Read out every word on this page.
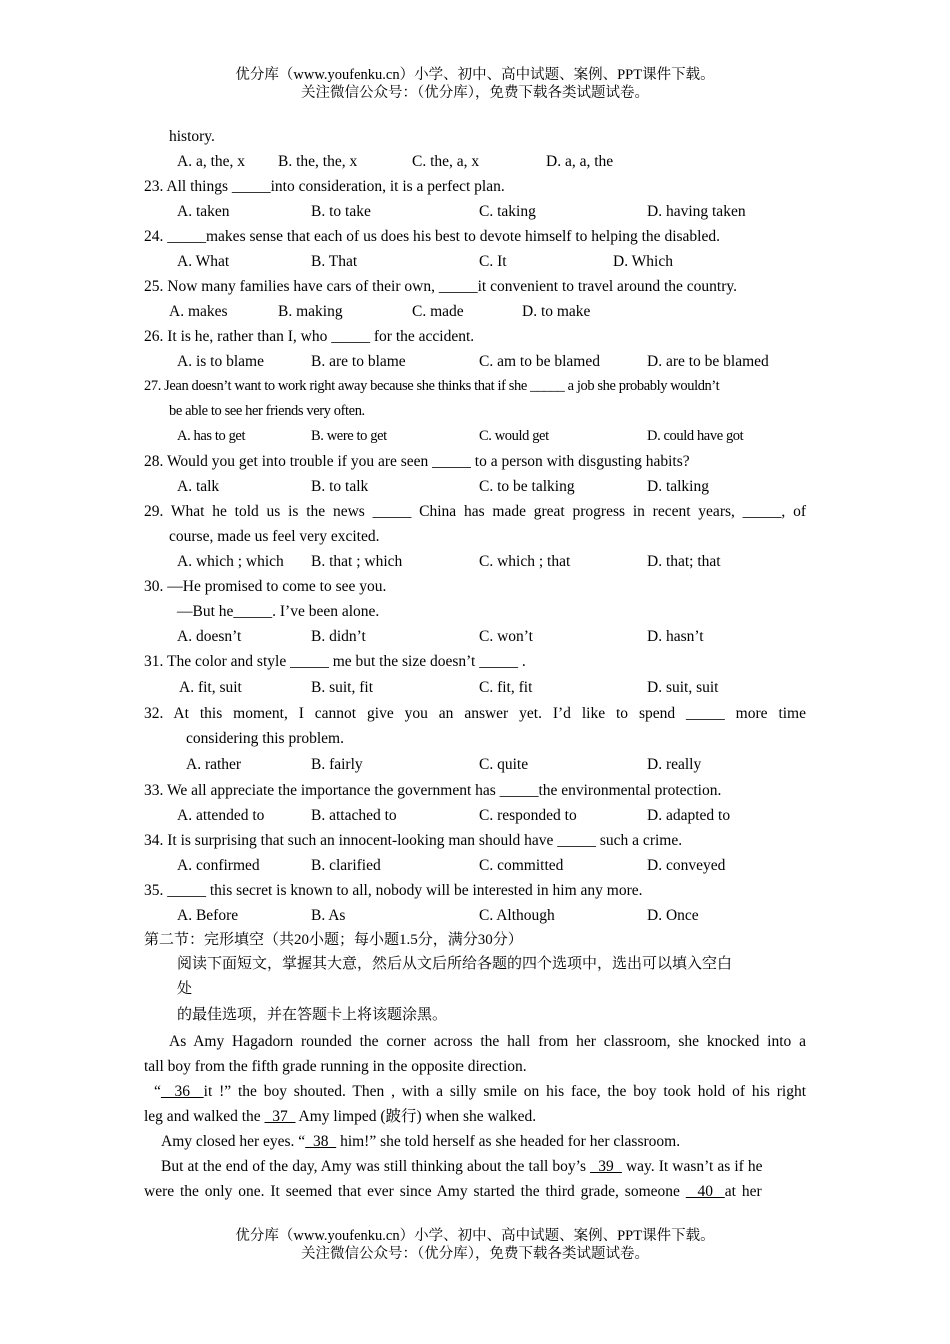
优分库（www.youfenku.cn）小学、初中、高中试题、案例、PPT课件下载。
关注微信公众号：（优分库），免费下载各类试题试卷。
history.
A. a, the, x B. the, the, x	C. the, a, x	D. a, a, the
23. All things _____into consideration, it is a perfect plan.
A. taken	B. to take	C. taking	D. having taken
24. _____makes sense that each of us does his best to devote himself to helping the disabled.
A. What	B. That	C. It	D. Which
25. Now many families have cars of their own, _____it convenient to travel around the country.
A. makes	B. making	C. made	D. to make
26. It is he, rather than I, who _____ for the accident.
A. is to blame	B. are to blame	C. am to be blamed	D. are to be blamed
27. Jean doesn’t want to work right away because she thinks that if she _____ a job she probably wouldn’t
be able to see her friends very often.
A. has to get	B. were to get	C. would get	D. could have got
28. Would you get into trouble if you are seen _____ to a person with disgusting habits?
A. talk	B. to talk	C. to be talking	D. talking
29. What he told us is the news _____ China has made great progress in recent years, _____, of
course, made us feel very excited.
A. which ; which B. that ; which	C. which ; that	D. that; that
30. —He promised to come to see you.
—But he_____. I’ve been alone.
A. doesn’t	B. didn’t	C. won’t	D. hasn’t
31. The color and style _____ me but the size doesn’t _____ .
A. fit, suit	B. suit, fit	C. fit, fit	D. suit, suit
32. At this moment, I cannot give you an answer yet. I’d like to spend _____ more time
considering this problem.
A. rather	B. fairly	C. quite	D. really
33. We all appreciate the importance the government has _____the environmental protection.
A. attended to	B. attached to	C. responded to	D. adapted to
34. It is surprising that such an innocent-looking man should have _____ such a crime.
A. confirmed	B. clarified	C. committed	D. conveyed
35. _____ this secret is known to all, nobody will be interested in him any more.
A. Before	B. As	C. Although	D. Once
第二节：完形填空（共20小题；每小题1.5分，满分30分）
阅读下面短文，掌握其大意，然后从文后所给各题的四个选项中，选出可以填入空白
处
的最佳选项，并在答题卡上将该题涂黑。
As Amy Hagadorn rounded the corner across the hall from her classroom, she knocked into a
tall boy from the fifth grade running in the opposite direction.
“  36  it !” the boy shouted. Then , with a silly smile on his face, the boy took hold of his right
leg and walked the   37   Amy limped (跛行) when she walked.
Amy closed her eyes. “  38   him!” she told herself as she headed for her classroom.
But at the end of the day, Amy was still thinking about the tall boy’s   39   way. It wasn’t as if he
were the only one. It seemed that ever since Amy started the third grade, someone   40  at her
优分库（www.youfenku.cn）小学、初中、高中试题、案例、PPT课件下载。
关注微信公众号：（优分库），免费下载各类试题试卷。
